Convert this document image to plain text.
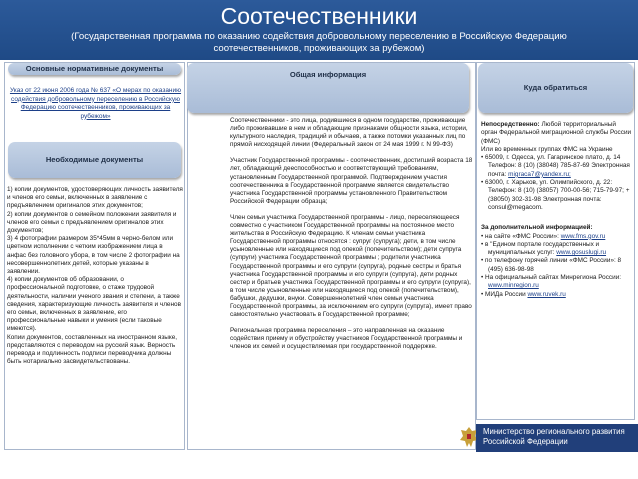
Соотечественники
(Государственная программа по оказанию содействия добровольному переселению в Российскую Федерацию соотечественников, проживающих за рубежом)
Основные нормативные документы
Указ от 22 июня 2006 года № 637 «О мерах по оказанию содействия добровольному переселению в Российскую Федерацию соотечественников, проживающих за рубежом»
Необходимые документы
1) копии документов, удостоверяющих личность заявителя и членов его семьи, включенных в заявление с предъявлением оригиналов этих документов;
2) копии документов о семейном положении заявителя и членов его семьи с предъявлением оригиналов этих документов;
3) 4 фотографии размером 35*45мм в черно-белом или цветном исполнении с четким изображением лица в анфас без головного убора, в том числе 2 фотографии на несовершеннолетних детей, которые указаны в заявлении.
4) копии документов об образовании, о профессиональной подготовке, о стаже трудовой деятельности, наличии ученого звания и степени, а также сведения, характеризующие личность заявителя и членов его семьи, включенных в заявление, его профессиональные навыки и умения (если таковые имеются).
Копии документов, составленных на иностранном языке, представляются с переводом на русский язык. Верность перевода и подлинность подписи переводчика должны быть нотариально засвидетельствованы.
Общая информация
Соотечественники - это лица, родившиеся в одном государстве, проживающие либо проживавшие в нем и обладающие признаками общности языка, истории, культурного наследия, традиций и обычаев, а также потомки указанных лиц по прямой нисходящей линии (Федеральный закон от 24 мая 1999 г. N 99-ФЗ)
Участник Государственной программы - соотечественник, достигший возраста 18 лет, обладающий дееспособностью и соответствующий требованиям, установленным Государственной программой. Подтверждением участия соотечественника в Государственной программе является свидетельство участника Государственной программы установленного Правительством Российской Федерации образца;
Член семьи участника Государственной программы - лицо, переселяющееся совместно с участником Государственной программы на постоянное место жительства в Российскую Федерацию. К членам семьи участника Государственной программы относятся : супруг (супруга); дети, в том числе усыновленные или находящиеся под опекой (попечительством); дети супруга (супруги) участника Государственной программы ; родители участника Государственной программы и его супруги (супруга), родные сестры и братья участника Государственной программы и его супруги (супруга), дети родных сестер и братьев участника Государственной программы и его супруги (супруга), в том числе усыновленные или находящиеся под опекой (попечительством), бабушки, дедушки, внуки. Совершеннолетний член семьи участника Государственной программы, за исключением его супруги (супруга), имеет право самостоятельно участвовать в Государственной программе;
Региональная программа переселения – это направленная на оказание содействия приему и обустройству участников Государственной программы и членов их семей и осуществляемая при государственной поддержке.
Куда обратиться
Непосредственно: Любой территориальный орган Федеральной миграционной службы России (ФМС)
Или во временных группах ФМС на Украине
• 65009, г. Одесса, ул. Гагаринское плато, д. 14 Телефон: 8 (10) (38048) 785-87-69 Электронная почта: migraca7@yandex.ru;
• 63000, г. Харьков, ул. Олимпийского, д. 22: Телефон: 8 (10) (38057) 700-00-56; 715-79-97; + (38050) 302-31-98 Электронная почта: consul@megacom.
За дополнительной информацией:
• на сайте «ФМС России»: www.fms.gov.ru
• в "Едином портале государственных и муниципальных услуг: www.gosuslugi.ru
• по телефону горячей линии «ФМС России»: 8 (495) 636-98-98
• На официальный сайтах Минрегиона России: www.minregion.ru
• МИДа России www.ruvek.ru
Министерство регионального развития
Российской Федерации
